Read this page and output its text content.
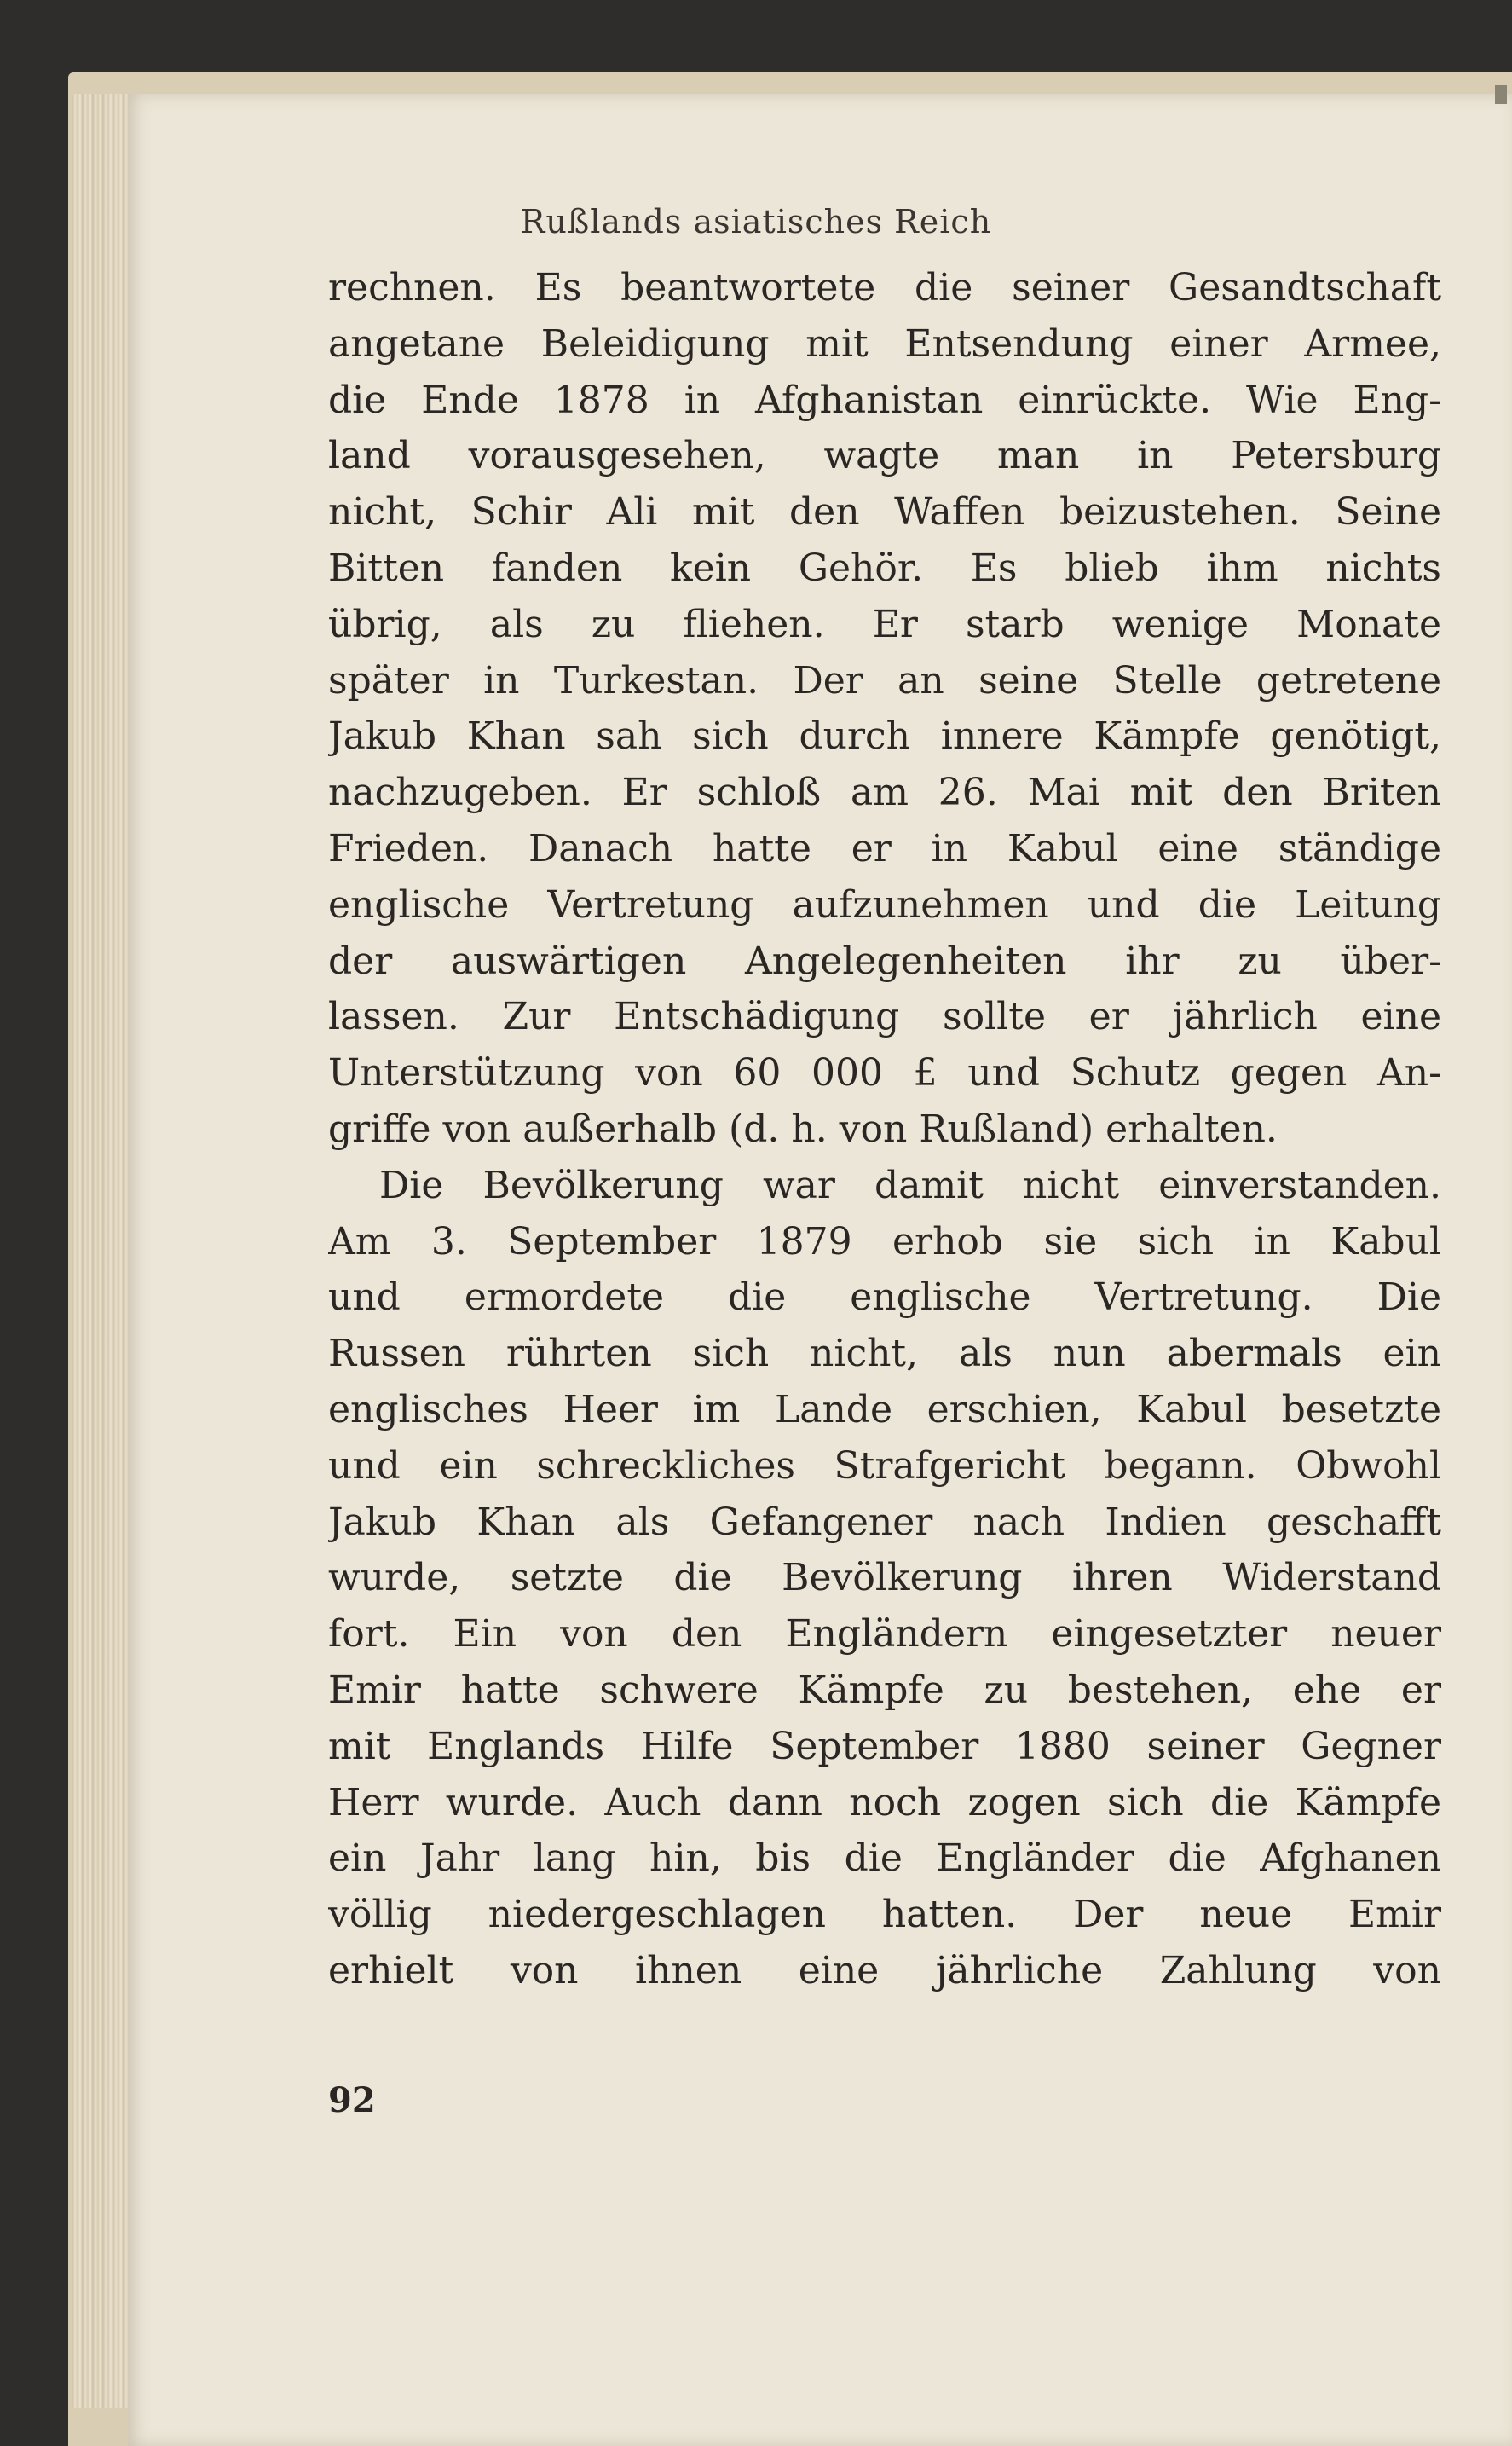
Rußlands asiatisches Reich
rechnen. Es beantwortete die seiner Gesandtschaft
angetane Beleidigung mit Entsendung einer Armee,
die Ende 1878 in Afghanistan einrückte. Wie Eng-
land vorausgesehen, wagte man in Petersburg
nicht, Schir Ali mit den Waffen beizustehen. Seine
Bitten fanden kein Gehör. Es blieb ihm nichts
übrig, als zu fliehen. Er starb wenige Monate
später in Turkestan. Der an seine Stelle getretene
Jakub Khan sah sich durch innere Kämpfe genötigt,
nachzugeben. Er schloß am 26. Mai mit den Briten
Frieden. Danach hatte er in Kabul eine ständige
englische Vertretung aufzunehmen und die Leitung
der auswärtigen Angelegenheiten ihr zu über-
lassen. Zur Entschädigung sollte er jährlich eine
Unterstützung von 60 000 £ und Schutz gegen An-
griffe von außerhalb (d. h. von Rußland) erhalten.
Die Bevölkerung war damit nicht einverstanden.
Am 3. September 1879 erhob sie sich in Kabul
und ermordete die englische Vertretung. Die
Russen rührten sich nicht, als nun abermals ein
englisches Heer im Lande erschien, Kabul besetzte
und ein schreckliches Strafgericht begann. Obwohl
Jakub Khan als Gefangener nach Indien geschafft
wurde, setzte die Bevölkerung ihren Widerstand
fort. Ein von den Engländern eingesetzter neuer
Emir hatte schwere Kämpfe zu bestehen, ehe er
mit Englands Hilfe September 1880 seiner Gegner
Herr wurde. Auch dann noch zogen sich die Kämpfe
ein Jahr lang hin, bis die Engländer die Afghanen
völlig niedergeschlagen hatten. Der neue Emir
erhielt von ihnen eine jährliche Zahlung von
92
